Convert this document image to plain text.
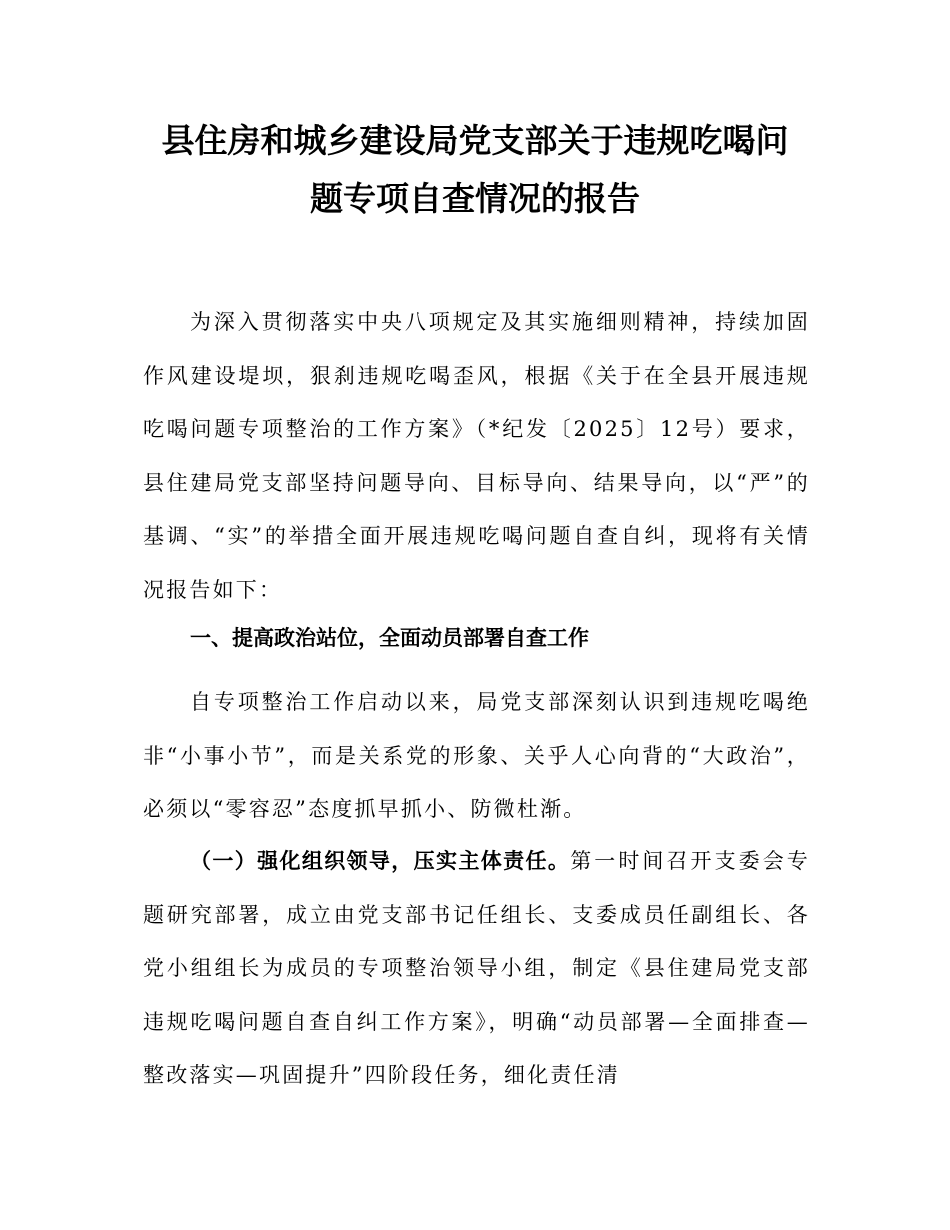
县住房和城乡建设局党支部关于违规吃喝问
题专项自查情况的报告

为深入贯彻落实中央八项规定及其实施细则精神，持续加固作风建设堤坝，狠刹违规吃喝歪风，根据《关于在全县开展违规吃喝问题专项整治的工作方案》（*纪发〔2025〕12号）要求，县住建局党支部坚持问题导向、目标导向、结果导向，以“严”的基调、“实”的举措全面开展违规吃喝问题自查自纠，现将有关情况报告如下：

一、提高政治站位，全面动员部署自查工作

自专项整治工作启动以来，局党支部深刻认识到违规吃喝绝非“小事小节”，而是关系党的形象、关乎人心向背的“大政治”，必须以“零容忍”态度抓早抓小、防微杜渐。

（一）强化组织领导，压实主体责任。第一时间召开支委会专题研究部署，成立由党支部书记任组长、支委成员任副组长、各党小组组长为成员的专项整治领导小组，制定《县住建局党支部违规吃喝问题自查自纠工作方案》，明确“动员部署—全面排查—整改落实—巩固提升”四阶段任务，细化责任清
